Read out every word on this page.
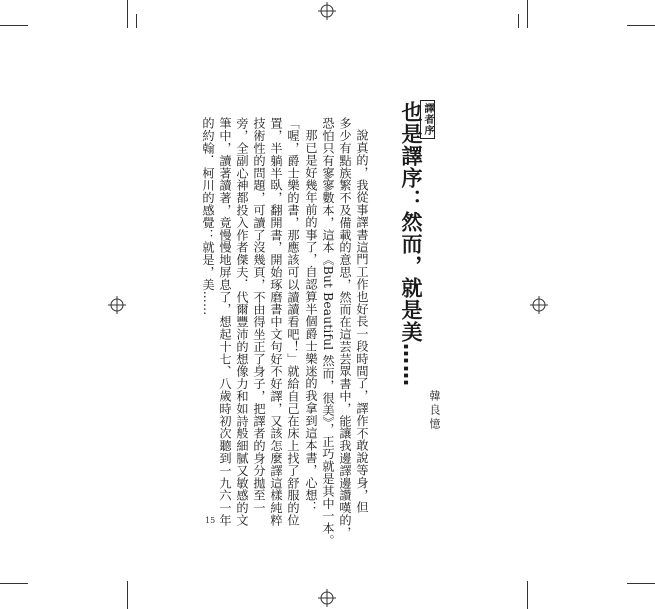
譯者序
也是譯序：然而，就是美……
說真的，我從事譯書這門工作也好長一段時間了，譯作不敢說等身，但
多少有點族繁不及備載的意思，然而在這芸芸眾書中，能讓我邊譯邊讚嘆的，
恐怕只有寥寥數本，這本《But Beautiful 然而，很美》，正巧就是其中一本。
那已是好幾年前的事了，自認算半個爵士樂迷的我拿到這本書，心想：
「喔，爵士樂的書，那應該可以讀讀看吧！」就給自己在床上找了舒服的位
置，半躺半臥，翻開書，開始琢磨書中文句好不好譯，又該怎麼譯這樣純粹
技術性的問題，可讀了沒幾頁，不由得坐正了身子，把譯者的身分拋至一
旁，全副心神都投入作者傑夫．代爾豐沛的想像力和如詩般細膩又敏感的文
筆中，讀著讀著，竟慢慢地屏息了，想起十七、八歲時初次聽到一九六一年
的約翰．柯川的感覺：就是，美……
韓良憶
15
